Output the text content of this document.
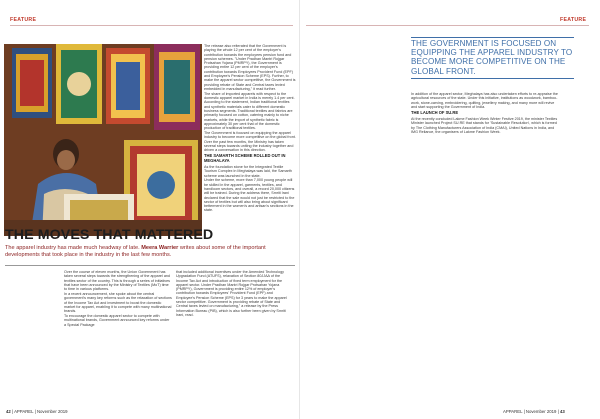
FEATURE	FEATURE
THE MOVES THAT MATTERED
The apparel industry has made much headway of late. Meera Warrier writes about some of the important developments that took place in the industry in the last few months.

Over the course of eleven months, the Union Government has taken several steps towards the strengthening of the apparel and textiles sector of the country. This is through a series of initiatives that have been announced by the Ministry of Textiles (MoT) time to time in various platforms.

In a recent announcement, she spoke about the central government's many key reforms such as the relaxation of sections of the Income Tax Act and investment to boost the domestic market for apparel, enabling it to compete with many multinational brands.

To encourage the domestic apparel sector to compete with multinational brands, Government announced key reforms under a Special Package

that included additional incentives under the Amended Technology Upgradation Fund (ATUFS), relaxation of Section 80JJAA of the Income Tax Act and introduction of fixed term employment for the apparel sector. Under Pradhan Mantri Rojgar Protsahan Yojana (PMRPY), Government is providing entire 12% of employer's contribution towards Employees' Provident Fund (EPF) and Employee's Pension Scheme (EPS) for 3 years to make the apparel sector competitive. Government is providing rebate of State and Central taxes levied on manufacturing," a release by the Press Information Bureau (PIB), which is also further been given by Smriti Irani, read.

The release also reiterated that the Government is playing the whole 12 per cent of the employer's contribution towards the employees pension fund and pension schemes. "Under Pradhan Mantri Rojgar Protsahan Yojana (PMRPY), the Government is providing entire 12 per cent of the employer's contribution towards Employees Provident Fund (EPF) and Employee's Pension Scheme (EPS). Further, to make the apparel sector competitive, the Government is providing rebate of State and Central taxes levied embedded in manufacturing," it read further.

The share of imported apparels with respect to the domestic apparel market in India is merely 1.4 per cent. According to the statement, Indian traditional textiles and synthetic materials cater to different domestic business segments. Traditional textiles and fabrics are primarily focused on cotton, catering mainly to niche markets, while the import of synthetic fabric is approximately 30 per cent that of the domestic production of traditional textiles.

The Government is focused on equipping the apparel industry to become more competitive on the global front. Over the past few months, the Ministry has taken several steps towards uniting the industry together and driven a conversation in this direction.

THE SAMARTH SCHEME ROLLED OUT IN MEGHALAYA

As the foundation stone for the Integrated Textile Tourism Complex in Meghalaya was laid, the Samarth scheme was launched in the state.

Under the scheme, more than 7,000 young people will be skilled in the apparel, garments, textiles, and handloom sectors, and overall, a record 20,000 citizens will be trained. During the address there, Smriti Irani declared that the sale would not just be restricted to the sector of textiles but will also bring about significant betterment in the women's and artisan's sections in the state.

THE GOVERNMENT IS FOCUSED ON EQUIPPING THE APPAREL INDUSTRY TO BECOME MORE COMPETITIVE ON THE GLOBAL FRONT.

In addition of the apparel sector, Meghalaya has also undertaken efforts to re-appraise the agricultural resources of the state. Under this initiative, institutions as woodwork, bamboo-work, stone-carving, embroidering, quilting, jewellery making, and many more will revive and start supporting the Government of India.

THE LAUNCH OF SU.RE

At the recently concluded Lakme Fashion Week Winter Festive 2019, the minister Textiles Minister launched Project SU.RE that stands for 'Sustainable Resolution', which is formed by The Clothing Manufacturers Association of India (CMAI), United Nations in India, and IMG Reliance, the organisers of Lakme Fashion Week.

42 | APPAREL | November 2019	APPAREL | November 2019 | 43
